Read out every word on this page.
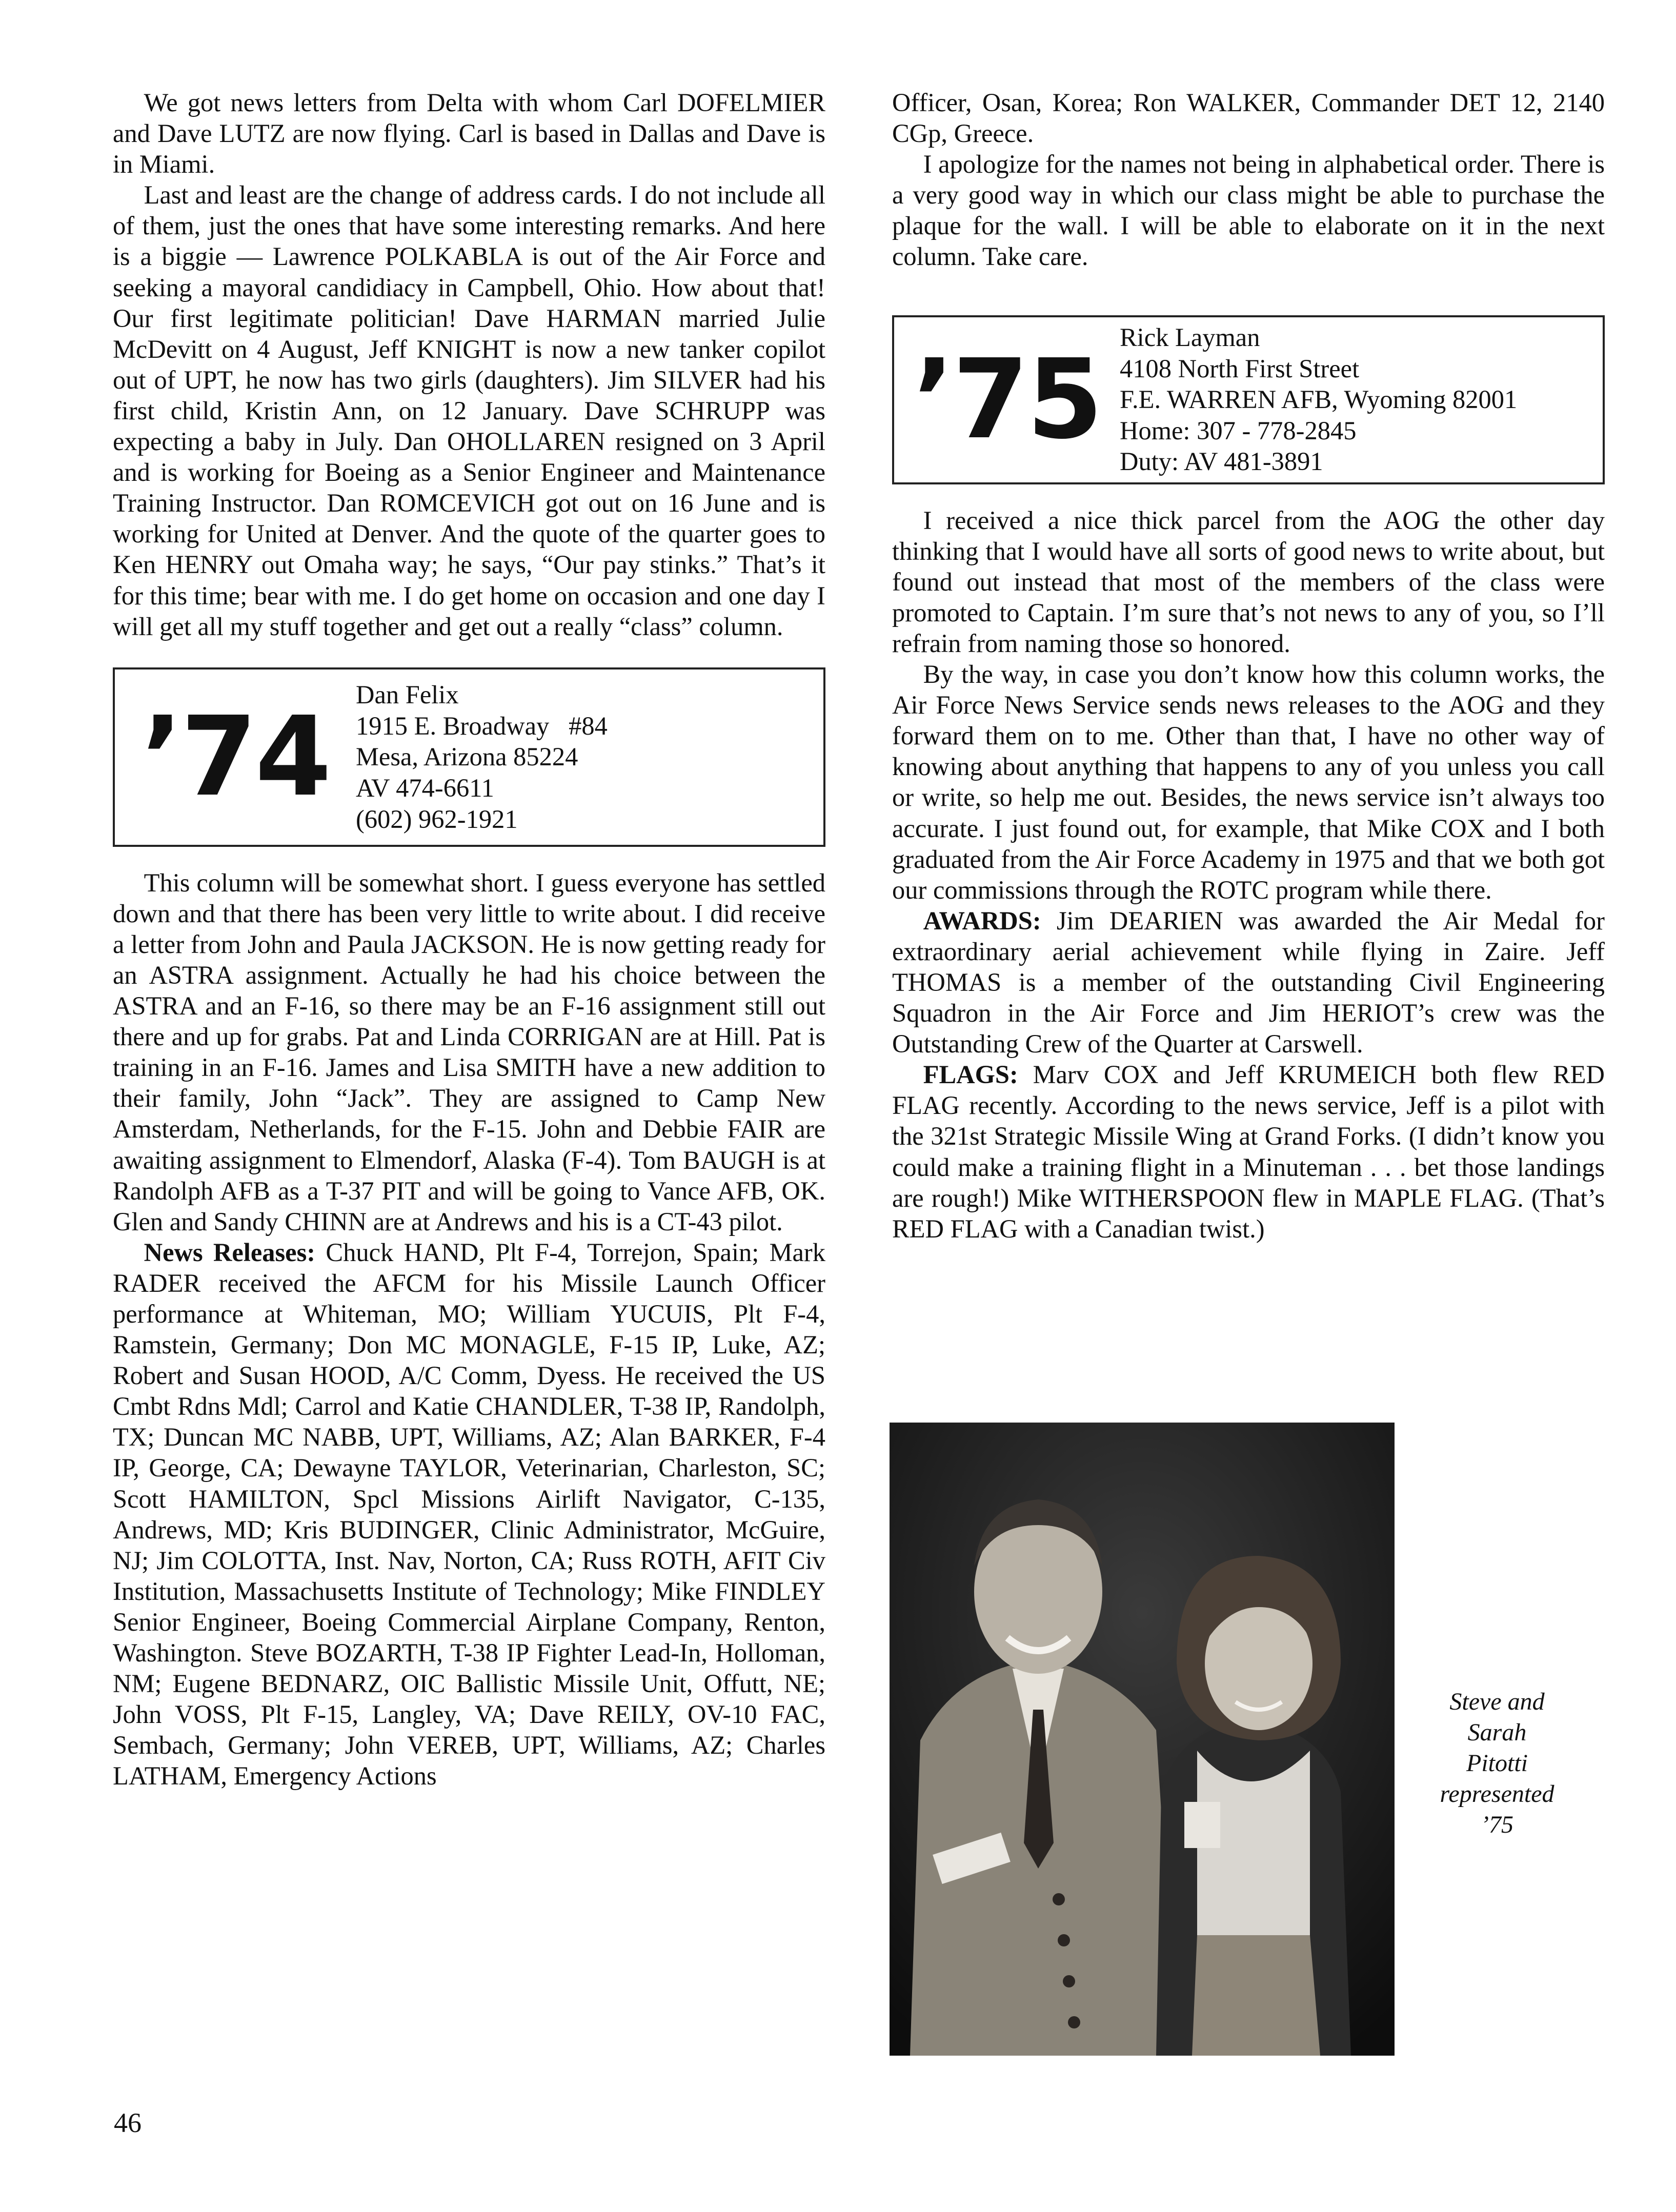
We got news letters from Delta with whom Carl DOFELMIER and Dave LUTZ are now flying. Carl is based in Dallas and Dave is in Miami.

Last and least are the change of address cards. I do not include all of them, just the ones that have some interesting remarks. And here is a biggie — Lawrence POLKABLA is out of the Air Force and seeking a mayoral candidiacy in Campbell, Ohio. How about that! Our first legitimate politician! Dave HARMAN married Julie McDevitt on 4 August, Jeff KNIGHT is now a new tanker copilot out of UPT, he now has two girls (daughters). Jim SILVER had his first child, Kristin Ann, on 12 January. Dave SCHRUPP was expecting a baby in July. Dan OHOLLAREN resigned on 3 April and is working for Boeing as a Senior Engineer and Maintenance Training Instructor. Dan ROMCEVICH got out on 16 June and is working for United at Denver. And the quote of the quarter goes to Ken HENRY out Omaha way; he says, “Our pay stinks.” That’s it for this time; bear with me. I do get home on occasion and one day I will get all my stuff together and get out a really “class” column.

’74	Dan Felix
1915 E. Broadway   #84
Mesa, Arizona 85224
AV 474-6611
(602) 962-1921

This column will be somewhat short. I guess everyone has settled down and that there has been very little to write about. I did receive a letter from John and Paula JACKSON. He is now getting ready for an ASTRA assignment. Actually he had his choice between the ASTRA and an F-16, so there may be an F-16 assignment still out there and up for grabs. Pat and Linda CORRIGAN are at Hill. Pat is training in an F-16. James and Lisa SMITH have a new addition to their family, John “Jack”. They are assigned to Camp New Amsterdam, Netherlands, for the F-15. John and Debbie FAIR are awaiting assignment to Elmendorf, Alaska (F-4). Tom BAUGH is at Randolph AFB as a T-37 PIT and will be going to Vance AFB, OK. Glen and Sandy CHINN are at Andrews and his is a CT-43 pilot.

News Releases: Chuck HAND, Plt F-4, Torrejon, Spain; Mark RADER received the AFCM for his Missile Launch Officer performance at Whiteman, MO; William YUCUIS, Plt F-4, Ramstein, Germany; Don MC MONAGLE, F-15 IP, Luke, AZ; Robert and Susan HOOD, A/C Comm, Dyess. He received the US Cmbt Rdns Mdl; Carrol and Katie CHANDLER, T-38 IP, Randolph, TX; Duncan MC NABB, UPT, Williams, AZ; Alan BARKER, F-4 IP, George, CA; Dewayne TAYLOR, Veterinarian, Charleston, SC; Scott HAMILTON, Spcl Missions Airlift Navigator, C-135, Andrews, MD; Kris BUDINGER, Clinic Administrator, McGuire, NJ; Jim COLOTTA, Inst. Nav, Norton, CA; Russ ROTH, AFIT Civ Institution, Massachusetts Institute of Technology; Mike FINDLEY Senior Engineer, Boeing Commercial Airplane Company, Renton, Washington. Steve BOZARTH, T-38 IP Fighter Lead-In, Holloman, NM; Eugene BEDNARZ, OIC Ballistic Missile Unit, Offutt, NE; John VOSS, Plt F-15, Langley, VA; Dave REILY, OV-10 FAC, Sembach, Germany; John VEREB, UPT, Williams, AZ; Charles LATHAM, Emergency Actions

Officer, Osan, Korea; Ron WALKER, Commander DET 12, 2140 CGp, Greece.

I apologize for the names not being in alphabetical order. There is a very good way in which our class might be able to purchase the plaque for the wall. I will be able to elaborate on it in the next column. Take care.

’75 Rick Layman
4108 North First Street
F.E. WARREN AFB, Wyoming 82001
Home: 307 - 778-2845
Duty: AV 481-3891

I received a nice thick parcel from the AOG the other day thinking that I would have all sorts of good news to write about, but found out instead that most of the members of the class were promoted to Captain. I’m sure that’s not news to any of you, so I’ll refrain from naming those so honored.

By the way, in case you don’t know how this column works, the Air Force News Service sends news releases to the AOG and they forward them on to me. Other than that, I have no other way of knowing about anything that happens to any of you unless you call or write, so help me out. Besides, the news service isn’t always too accurate. I just found out, for example, that Mike COX and I both graduated from the Air Force Academy in 1975 and that we both got our commissions through the ROTC program while there.

AWARDS: Jim DEARIEN was awarded the Air Medal for extraordinary aerial achievement while flying in Zaire. Jeff THOMAS is a member of the outstanding Civil Engineering Squadron in the Air Force and Jim HERIOT’s crew was the Outstanding Crew of the Quarter at Carswell.

FLAGS: Marv COX and Jeff KRUMEICH both flew RED FLAG recently. According to the news service, Jeff is a pilot with the 321st Strategic Missile Wing at Grand Forks. (I didn’t know you could make a training flight in a Minuteman . . . bet those landings are rough!) Mike WITHERSPOON flew in MAPLE FLAG. (That’s RED FLAG with a Canadian twist.)

Steve and
Sarah
Pitotti
represented
’75
46
